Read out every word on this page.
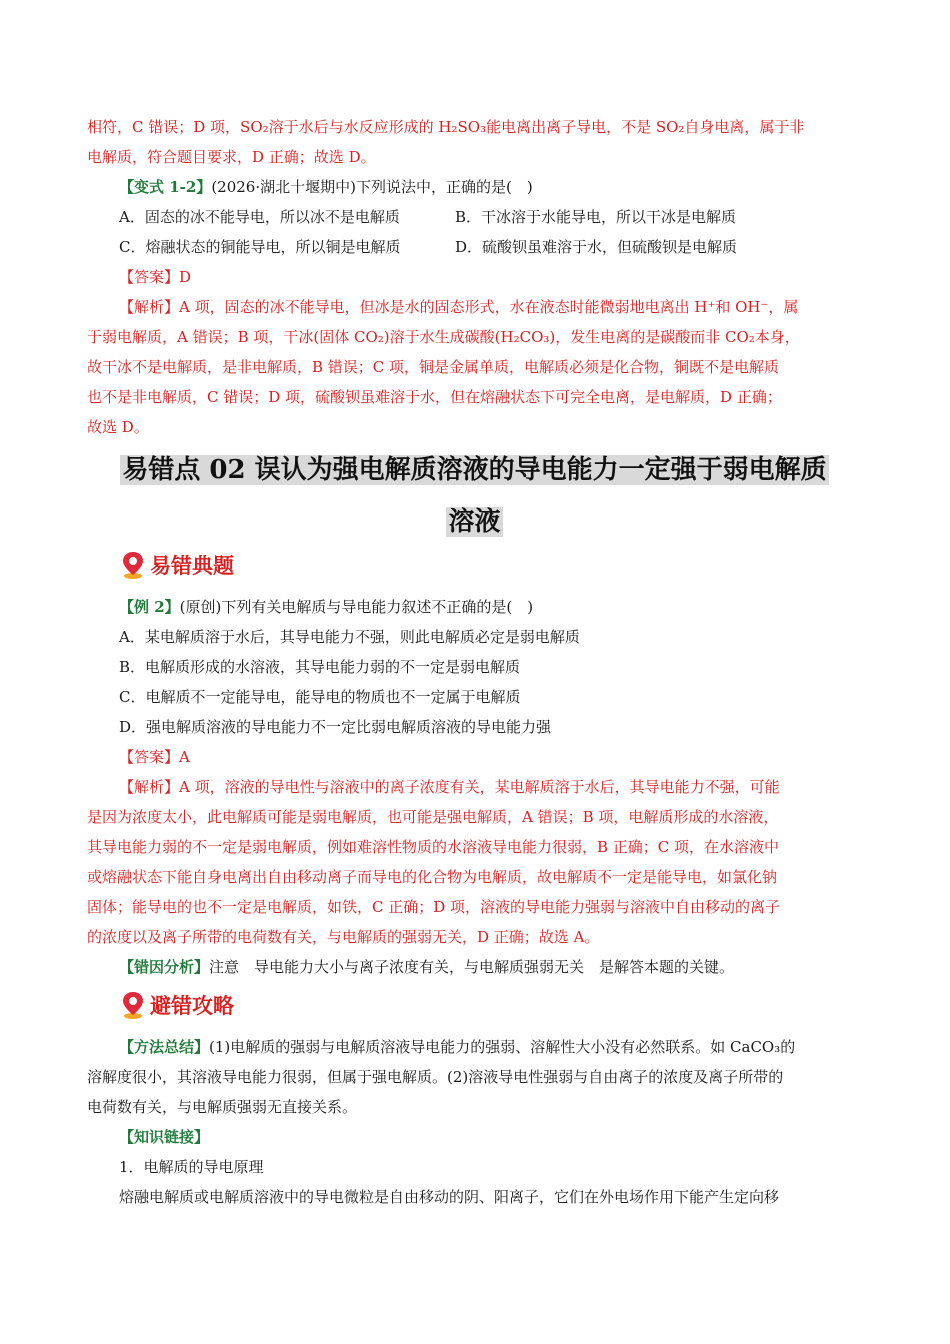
相符，C 错误；D 项，SO₂溶于水后与水反应形成的 H₂SO₃能电离出离子导电，不是 SO₂自身电离，属于非
电解质，符合题目要求，D 正确；故选 D。
【变式 1-2】(2026·湖北十堰期中)下列说法中，正确的是(　)
A．固态的冰不能导电，所以冰不是电解质	B．干冰溶于水能导电，所以干冰是电解质
C．熔融状态的铜能导电，所以铜是电解质	D．硫酸钡虽难溶于水，但硫酸钡是电解质
【答案】D
【解析】A 项，固态的冰不能导电，但冰是水的固态形式，水在液态时能微弱地电离出 H⁺和 OH⁻，属
于弱电解质，A 错误；B 项，干冰(固体 CO₂)溶于水生成碳酸(H₂CO₃)，发生电离的是碳酸而非 CO₂本身，
故干冰不是电解质，是非电解质，B 错误；C 项，铜是金属单质，电解质必须是化合物，铜既不是电解质
也不是非电解质，C 错误；D 项，硫酸钡虽难溶于水，但在熔融状态下可完全电离，是电解质，D 正确；
故选 D。
易错点 02 误认为强电解质溶液的导电能力一定强于弱电解质
溶液
易错典题
【例 2】(原创)下列有关电解质与导电能力叙述不正确的是(　)
A．某电解质溶于水后，其导电能力不强，则此电解质必定是弱电解质
B．电解质形成的水溶液，其导电能力弱的不一定是弱电解质
C．电解质不一定能导电，能导电的物质也不一定属于电解质
D．强电解质溶液的导电能力不一定比弱电解质溶液的导电能力强
【答案】A
【解析】A 项，溶液的导电性与溶液中的离子浓度有关，某电解质溶于水后，其导电能力不强，可能
是因为浓度太小，此电解质可能是弱电解质，也可能是强电解质，A 错误；B 项，电解质形成的水溶液，
其导电能力弱的不一定是弱电解质，例如难溶性物质的水溶液导电能力很弱，B 正确；C 项，在水溶液中
或熔融状态下能自身电离出自由移动离子而导电的化合物为电解质，故电解质不一定是能导电，如氯化钠
固体；能导电的也不一定是电解质，如铁，C 正确；D 项，溶液的导电能力强弱与溶液中自由移动的离子
的浓度以及离子所带的电荷数有关，与电解质的强弱无关，D 正确；故选 A。
【错因分析】注意　导电能力大小与离子浓度有关，与电解质强弱无关　是解答本题的关键。
避错攻略
【方法总结】(1)电解质的强弱与电解质溶液导电能力的强弱、溶解性大小没有必然联系。如 CaCO₃的
溶解度很小，其溶液导电能力很弱，但属于强电解质。(2)溶液导电性强弱与自由离子的浓度及离子所带的
电荷数有关，与电解质强弱无直接关系。
【知识链接】
1．电解质的导电原理
熔融电解质或电解质溶液中的导电微粒是自由移动的阴、阳离子，它们在外电场作用下能产生定向移
